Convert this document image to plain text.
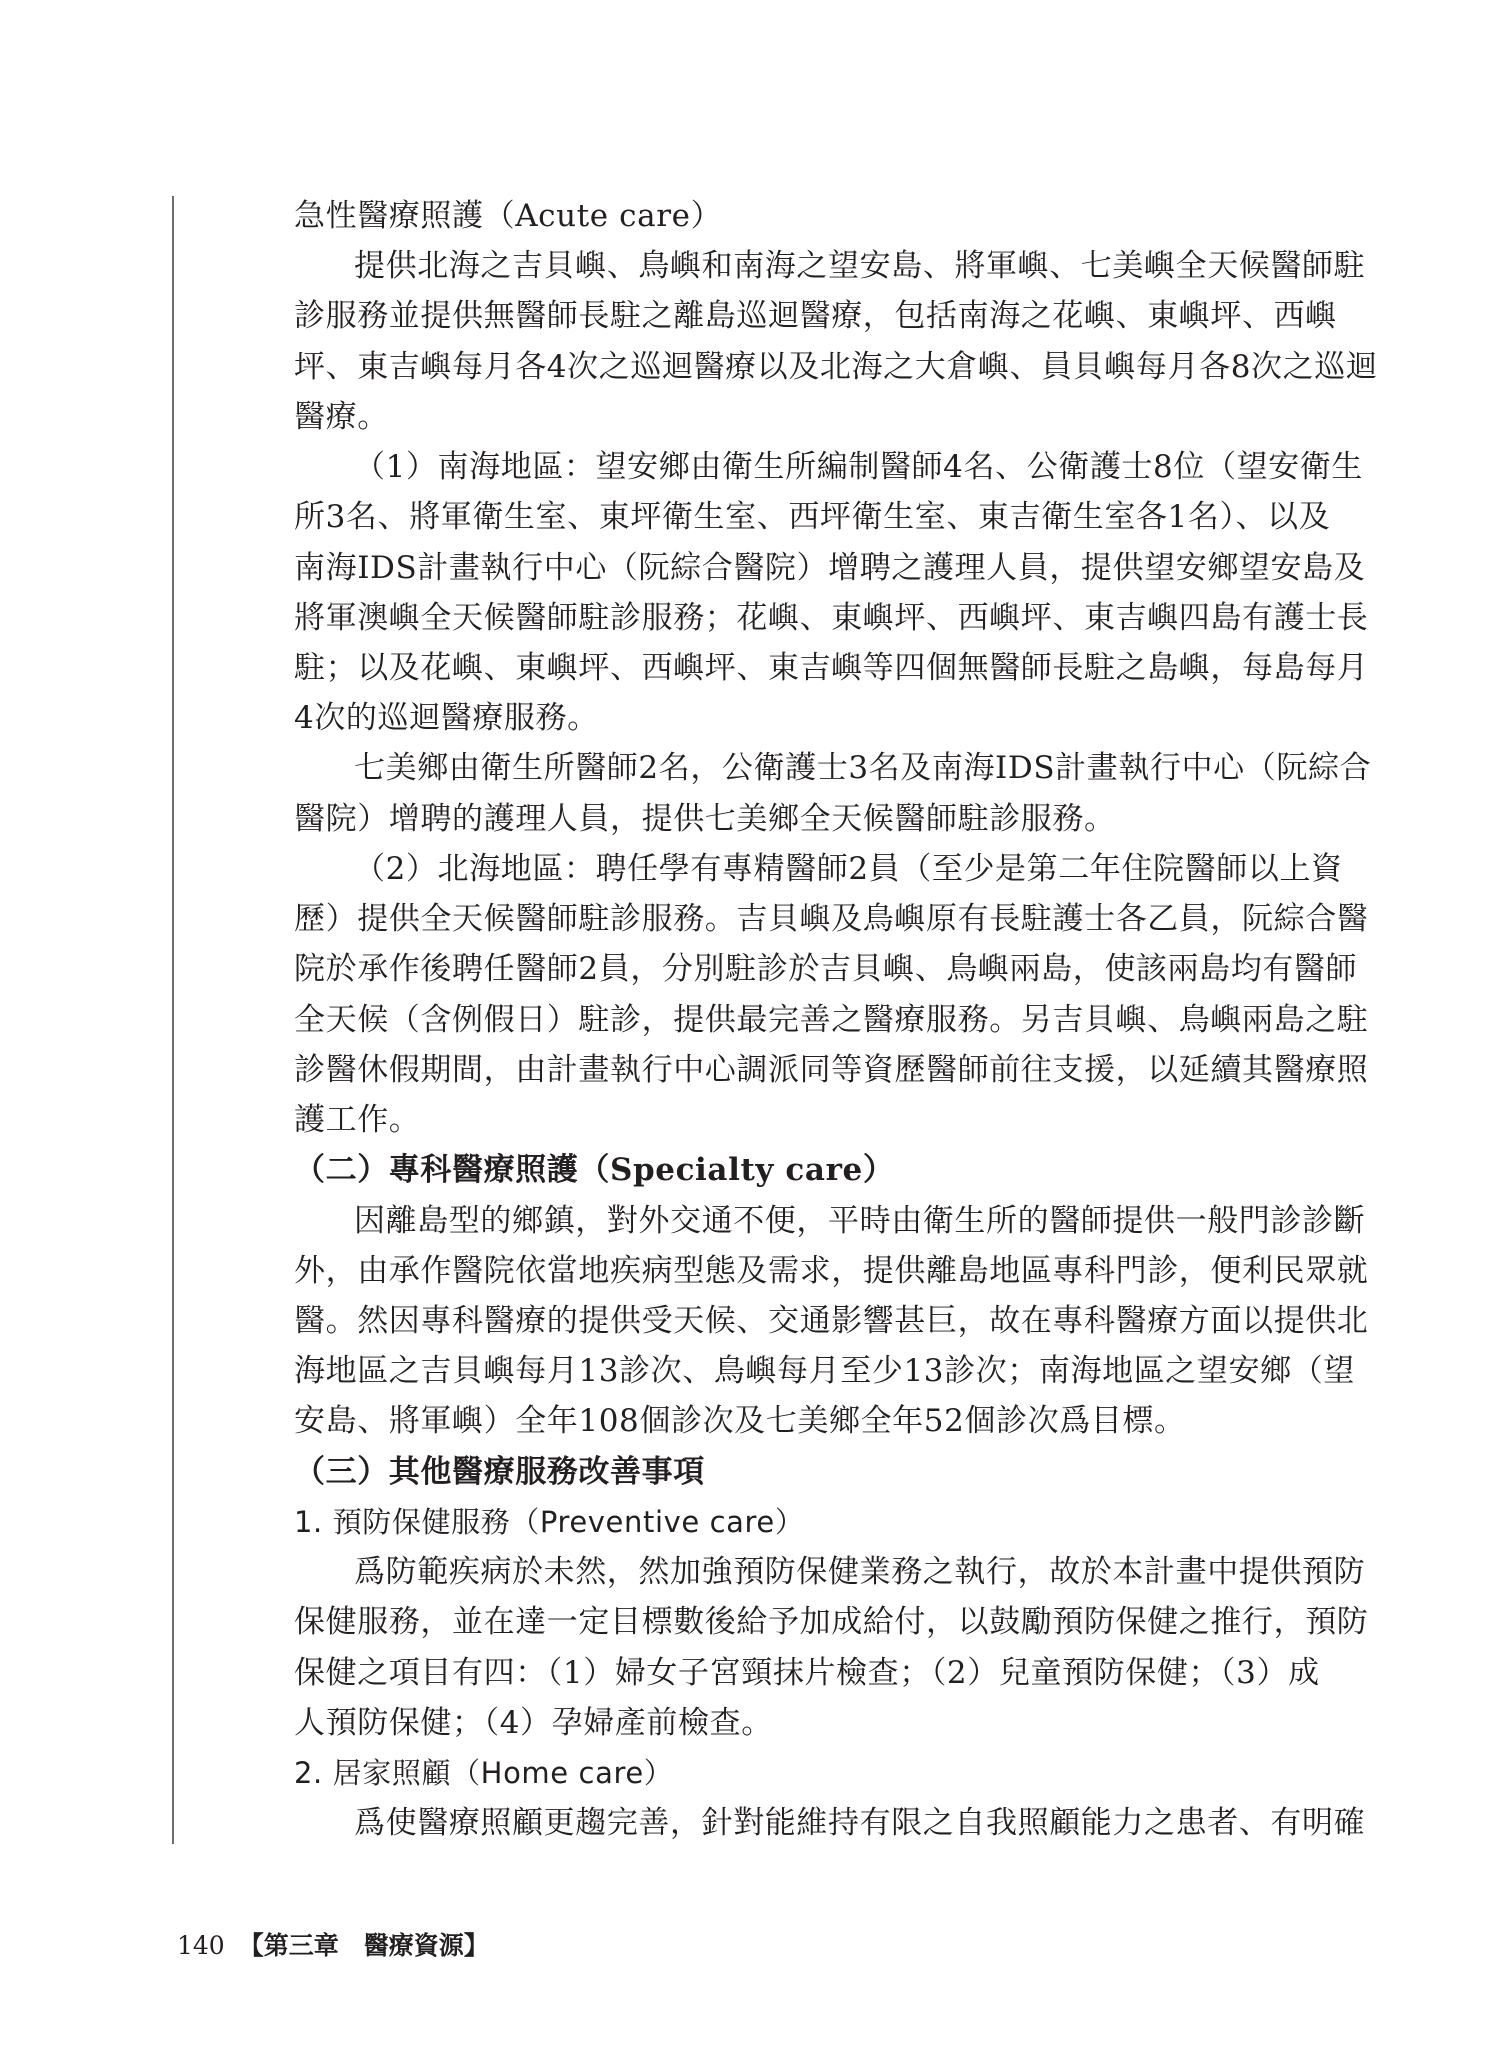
急性醫療照護（Acute care）
提供北海之吉貝嶼、鳥嶼和南海之望安島、將軍嶼、七美嶼全天候醫師駐
診服務並提供無醫師長駐之離島巡迴醫療，包括南海之花嶼、東嶼坪、西嶼
坪、東吉嶼每月各4次之巡迴醫療以及北海之大倉嶼、員貝嶼每月各8次之巡迴
醫療。
（1）南海地區：望安鄉由衛生所編制醫師4名、公衛護士8位（望安衛生
所3名、將軍衛生室、東坪衛生室、西坪衛生室、東吉衛生室各1名）、以及
南海IDS計畫執行中心（阮綜合醫院）增聘之護理人員，提供望安鄉望安島及
將軍澳嶼全天候醫師駐診服務；花嶼、東嶼坪、西嶼坪、東吉嶼四島有護士長
駐；以及花嶼、東嶼坪、西嶼坪、東吉嶼等四個無醫師長駐之島嶼，每島每月
4次的巡迴醫療服務。
七美鄉由衛生所醫師2名，公衛護士3名及南海IDS計畫執行中心（阮綜合
醫院）增聘的護理人員，提供七美鄉全天候醫師駐診服務。
（2）北海地區：聘任學有專精醫師2員（至少是第二年住院醫師以上資
歷）提供全天候醫師駐診服務。吉貝嶼及鳥嶼原有長駐護士各乙員，阮綜合醫
院於承作後聘任醫師2員，分別駐診於吉貝嶼、鳥嶼兩島，使該兩島均有醫師
全天候（含例假日）駐診，提供最完善之醫療服務。另吉貝嶼、鳥嶼兩島之駐
診醫休假期間，由計畫執行中心調派同等資歷醫師前往支援，以延續其醫療照
護工作。
（二）專科醫療照護（Specialty care）
因離島型的鄉鎮，對外交通不便，平時由衛生所的醫師提供一般門診診斷
外，由承作醫院依當地疾病型態及需求，提供離島地區專科門診，便利民眾就
醫。然因專科醫療的提供受天候、交通影響甚巨，故在專科醫療方面以提供北
海地區之吉貝嶼每月13診次、鳥嶼每月至少13診次；南海地區之望安鄉（望
安島、將軍嶼）全年108個診次及七美鄉全年52個診次爲目標。
（三）其他醫療服務改善事項
1. 預防保健服務（Preventive care）
爲防範疾病於未然，然加強預防保健業務之執行，故於本計畫中提供預防
保健服務，並在達一定目標數後給予加成給付，以鼓勵預防保健之推行，預防
保健之項目有四：（1）婦女子宮頸抹片檢查；（2）兒童預防保健；（3）成
人預防保健；（4）孕婦產前檢查。
2. 居家照顧（Home care）
爲使醫療照顧更趨完善，針對能維持有限之自我照顧能力之患者、有明確
140 【第三章　醫療資源】
